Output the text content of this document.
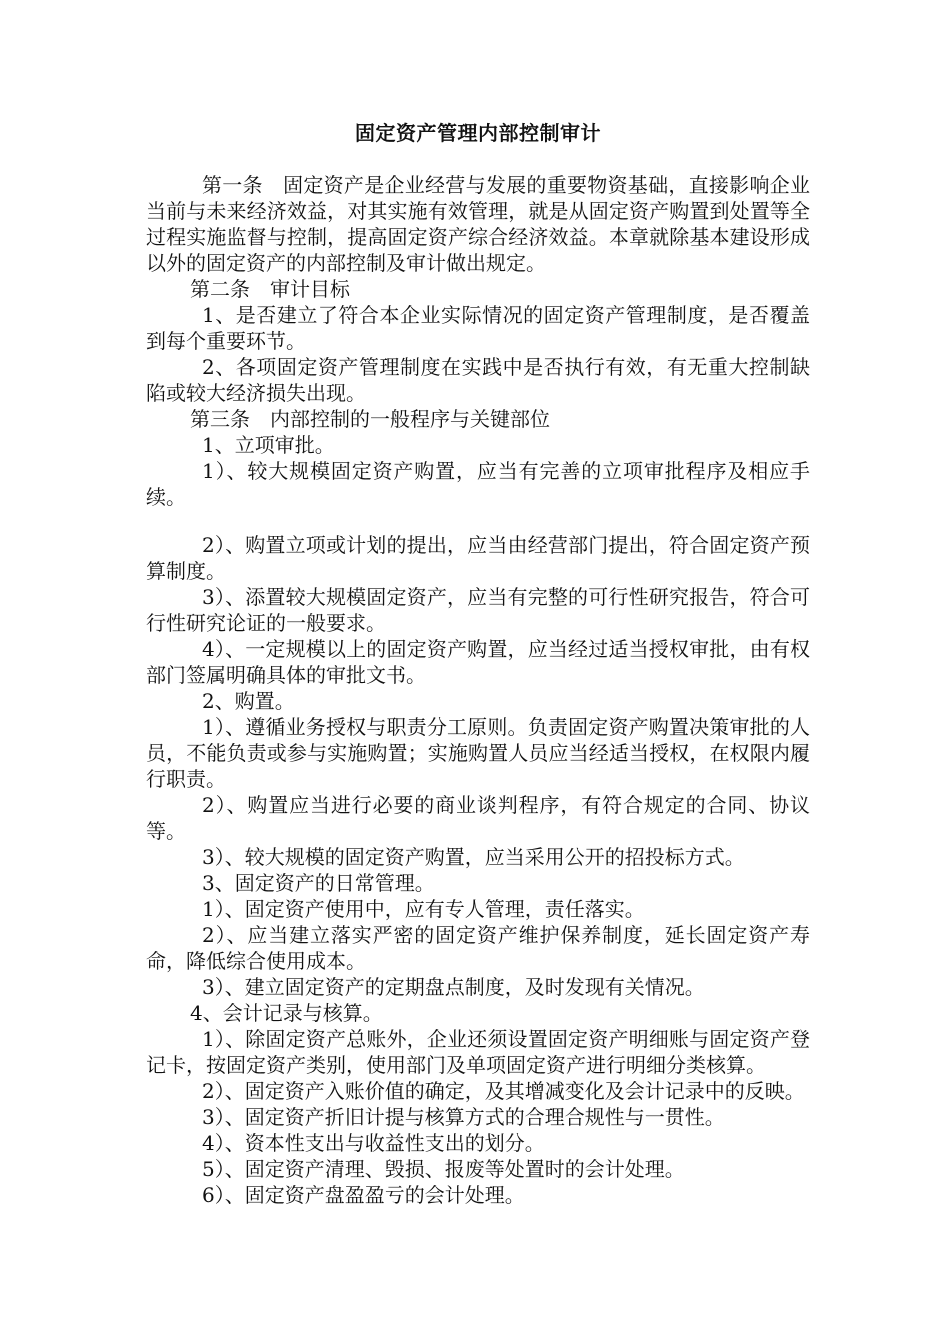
固定资产管理内部控制审计

第一条　固定资产是企业经营与发展的重要物资基础，直接影响企业当前与未来经济效益，对其实施有效管理，就是从固定资产购置到处置等全过程实施监督与控制，提高固定资产综合经济效益。本章就除基本建设形成以外的固定资产的内部控制及审计做出规定。

第二条　审计目标

1、是否建立了符合本企业实际情况的固定资产管理制度，是否覆盖到每个重要环节。

2、各项固定资产管理制度在实践中是否执行有效，有无重大控制缺陷或较大经济损失出现。

第三条　内部控制的一般程序与关键部位

1、立项审批。

1）、较大规模固定资产购置，应当有完善的立项审批程序及相应手续。

2）、购置立项或计划的提出，应当由经营部门提出，符合固定资产预算制度。

3）、添置较大规模固定资产，应当有完整的可行性研究报告，符合可行性研究论证的一般要求。

4）、一定规模以上的固定资产购置，应当经过适当授权审批，由有权部门签属明确具体的审批文书。

2、购置。

1）、遵循业务授权与职责分工原则。负责固定资产购置决策审批的人员，不能负责或参与实施购置；实施购置人员应当经适当授权，在权限内履行职责。

2）、购置应当进行必要的商业谈判程序，有符合规定的合同、协议等。

3）、较大规模的固定资产购置，应当采用公开的招投标方式。

3、固定资产的日常管理。

1）、固定资产使用中，应有专人管理，责任落实。

2）、应当建立落实严密的固定资产维护保养制度，延长固定资产寿命，降低综合使用成本。

3）、建立固定资产的定期盘点制度，及时发现有关情况。

4、会计记录与核算。

1）、除固定资产总账外，企业还须设置固定资产明细账与固定资产登记卡，按固定资产类别，使用部门及单项固定资产进行明细分类核算。

2）、固定资产入账价值的确定，及其增减变化及会计记录中的反映。

3）、固定资产折旧计提与核算方式的合理合规性与一贯性。

4）、资本性支出与收益性支出的划分。

5）、固定资产清理、毁损、报废等处置时的会计处理。

6）、固定资产盘盈盈亏的会计处理。
